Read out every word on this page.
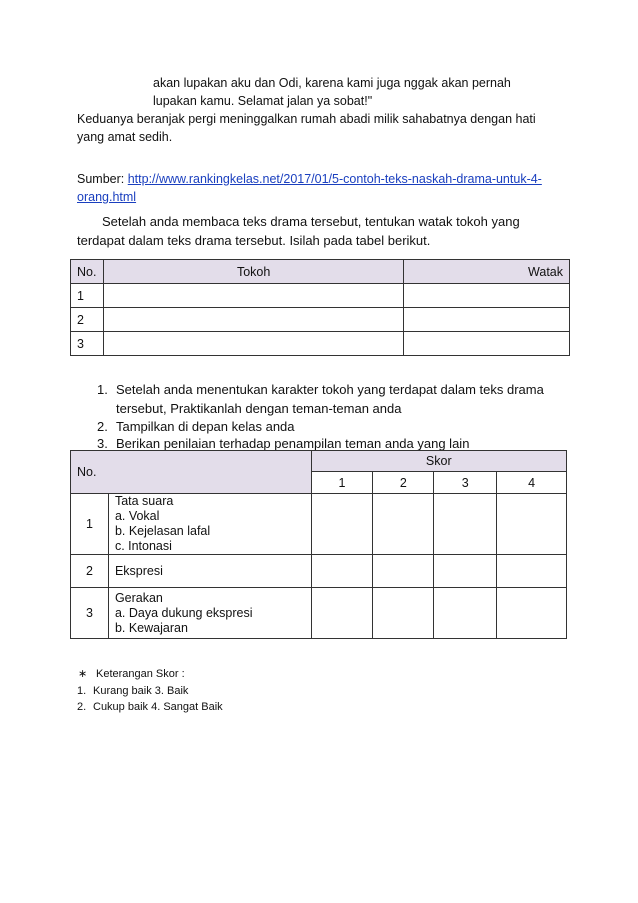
akan lupakan aku dan Odi, karena kami juga nggak akan pernah
lupakan kamu. Selamat jalan ya sobat!"
Keduanya beranjak pergi meninggalkan rumah abadi milik sahabatnya dengan hati
yang amat sedih.
Sumber: http://www.rankingkelas.net/2017/01/5-contoh-teks-naskah-drama-untuk-4-
orang.html
Setelah anda membaca teks drama tersebut, tentukan watak tokoh yang
terdapat dalam teks drama tersebut. Isilah pada tabel berikut.
No.	Tokoh	Watak
1		
2		
3		
1. Setelah anda menentukan karakter tokoh yang terdapat dalam teks drama
tersebut, Praktikanlah dengan teman-teman anda
2. Tampilkan di depan kelas anda
3. Berikan penilaian terhadap penampilan teman anda yang lain
No.		Skor			
		1	2	3	4
1	Tata suara
a. Vokal
b. Kejelasan lafal
c. Intonasi				

2	Ekspresi				

3	Gerakan
a. Daya dukung ekspresi
b. Kewajaran				

∗ Keterangan Skor :
1. Kurang baik 3. Baik
2. Cukup baik 4. Sangat Baik
